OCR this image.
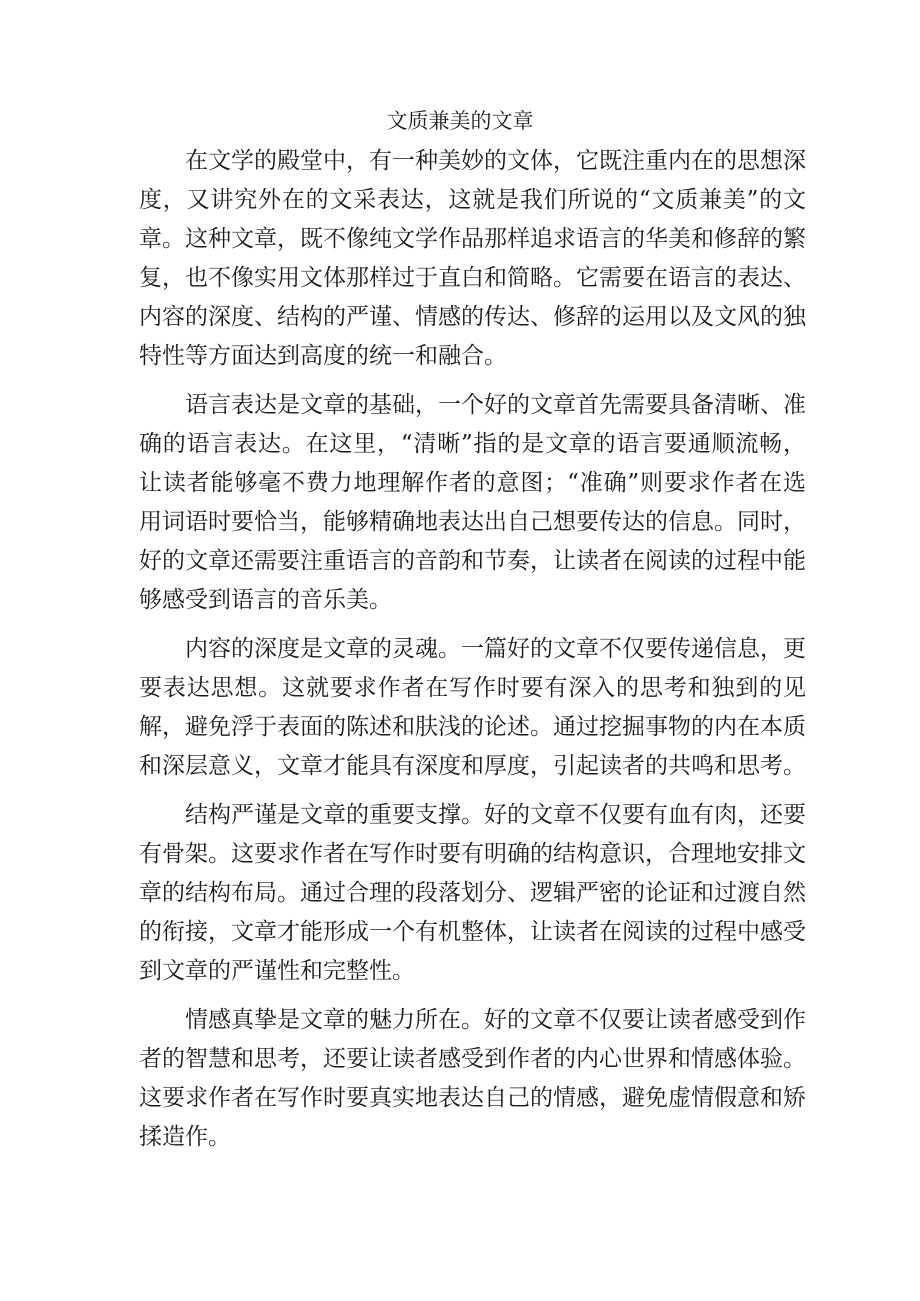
文质兼美的文章

在文学的殿堂中，有一种美妙的文体，它既注重内在的思想深度，又讲究外在的文采表达，这就是我们所说的“文质兼美”的文章。这种文章，既不像纯文学作品那样追求语言的华美和修辞的繁复，也不像实用文体那样过于直白和简略。它需要在语言的表达、内容的深度、结构的严谨、情感的传达、修辞的运用以及文风的独特性等方面达到高度的统一和融合。

语言表达是文章的基础，一个好的文章首先需要具备清晰、准确的语言表达。在这里，“清晰”指的是文章的语言要通顺流畅，让读者能够毫不费力地理解作者的意图；“准确”则要求作者在选用词语时要恰当，能够精确地表达出自己想要传达的信息。同时，好的文章还需要注重语言的音韵和节奏，让读者在阅读的过程中能够感受到语言的音乐美。

内容的深度是文章的灵魂。一篇好的文章不仅要传递信息，更要表达思想。这就要求作者在写作时要有深入的思考和独到的见解，避免浮于表面的陈述和肤浅的论述。通过挖掘事物的内在本质和深层意义，文章才能具有深度和厚度，引起读者的共鸣和思考。

结构严谨是文章的重要支撑。好的文章不仅要有血有肉，还要有骨架。这要求作者在写作时要有明确的结构意识，合理地安排文章的结构布局。通过合理的段落划分、逻辑严密的论证和过渡自然的衔接，文章才能形成一个有机整体，让读者在阅读的过程中感受到文章的严谨性和完整性。

情感真挚是文章的魅力所在。好的文章不仅要让读者感受到作者的智慧和思考，还要让读者感受到作者的内心世界和情感体验。这要求作者在写作时要真实地表达自己的情感，避免虚情假意和矫揉造作。
